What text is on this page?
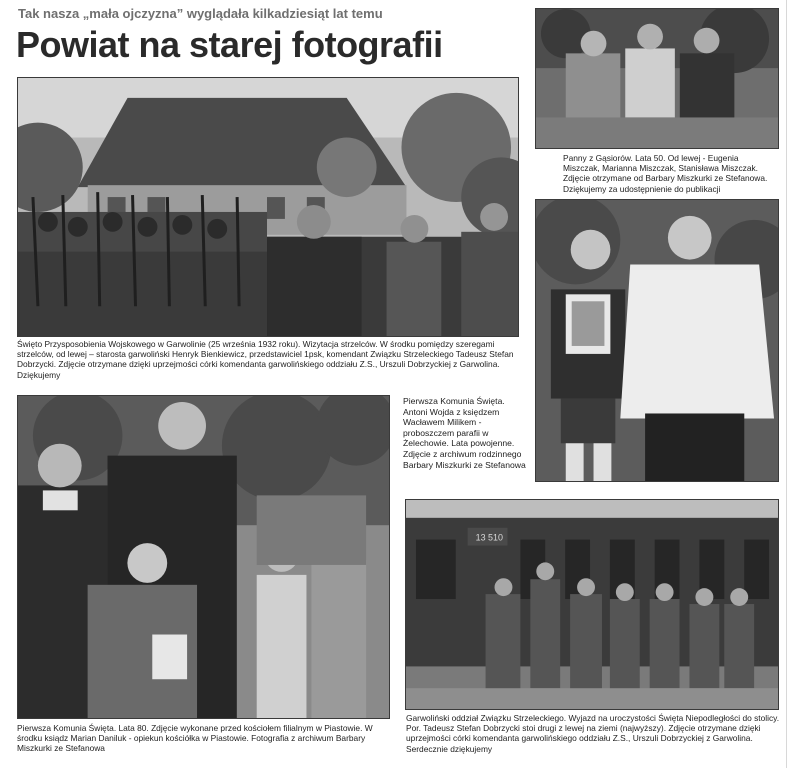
Tak nasza „mała ojczyzna” wyglądała kilkadziesiąt lat temu
Powiat na starej fotografii
Święto Przysposobienia Wojskowego w Garwolinie (25 września 1932 roku). Wizytacja strzelców. W środku pomiędzy szeregami strzelców, od lewej – starosta garwoliński Henryk Bienkiewicz, przedstawiciel 1psk, komendant Związku Strzeleckiego Tadeusz Stefan Dobrzycki. Zdjęcie otrzymane dzięki uprzejmości córki komendanta garwolińskiego oddziału Z.S., Urszuli Dobrzyckiej z Garwolina. Dziękujemy
Panny z Gąsiorów. Lata 50. Od lewej - Eugenia Miszczak, Marianna Miszczak, Stanisława Miszczak. Zdjęcie otrzymane od Barbary Miszkurki ze Stefanowa. Dziękujemy za udostępnienie do publikacji
Pierwsza Komunia Święta. Antoni Wojda z księdzem Wacławem Milikem - proboszczem parafii w Żelechowie. Lata powojenne. Zdjęcie z archiwum rodzinnego Barbary Miszkurki ze Stefanowa
Pierwsza Komunia Święta. Lata 80. Zdjęcie wykonane przed kościołem filialnym w Piastowie. W środku ksiądz Marian Daniluk - opiekun kościółka w Piastowie. Fotografia z archiwum Barbary Miszkurki ze Stefanowa
13 510
Garwoliński oddział Związku Strzeleckiego. Wyjazd na uroczystości Święta Niepodległości do stolicy. Por. Tadeusz Stefan Dobrzycki stoi drugi z lewej na ziemi (najwyższy). Zdjęcie otrzymane dzięki uprzejmości córki komendanta garwolińskiego oddziału Z.S., Urszuli Dobrzyckiej z Garwolina. Serdecznie dziękujemy
